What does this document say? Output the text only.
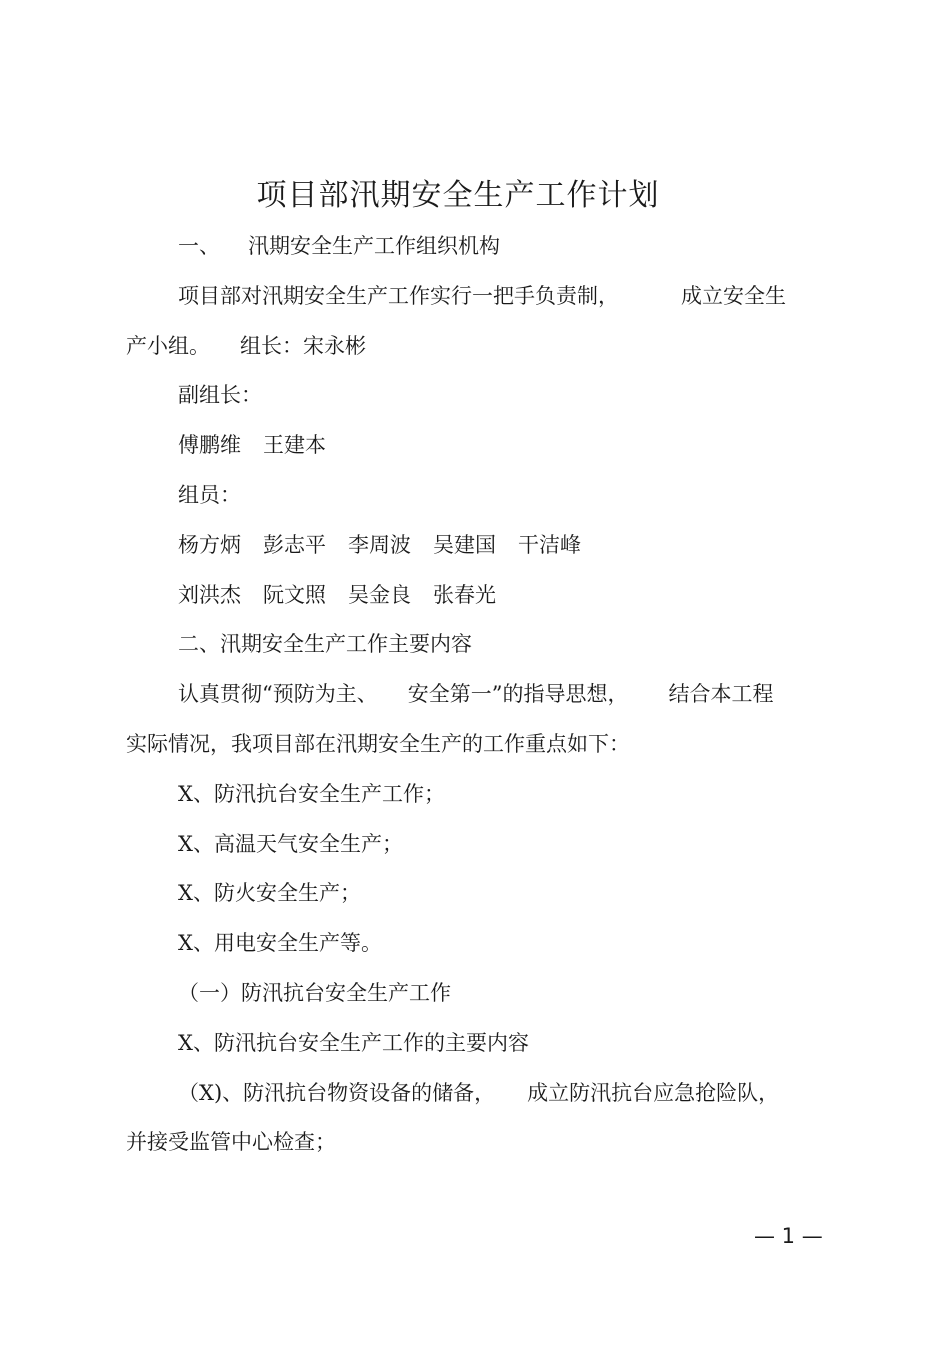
项目部汛期安全生产工作计划
一、 汛期安全生产工作组织机构
项目部对汛期安全生产工作实行一把手负责制，	成立安全生
产小组。 组长：宋永彬
副组长：
傅鹏维 王建本
组员：
杨方炳 彭志平 李周波 吴建国 干洁峰
刘洪杰 阮文照 吴金良 张春光
二、汛期安全生产工作主要内容
认真贯彻“预防为主、 安全第一”的指导思想， 结合本工程
实际情况，我项目部在汛期安全生产的工作重点如下：
X、防汛抗台安全生产工作；
X、高温天气安全生产；
X、防火安全生产；
X、用电安全生产等。
（一）防汛抗台安全生产工作
X、防汛抗台安全生产工作的主要内容
（X)、防汛抗台物资设备的储备， 成立防汛抗台应急抢险队，
并接受监管中心检查；
— 1 —
